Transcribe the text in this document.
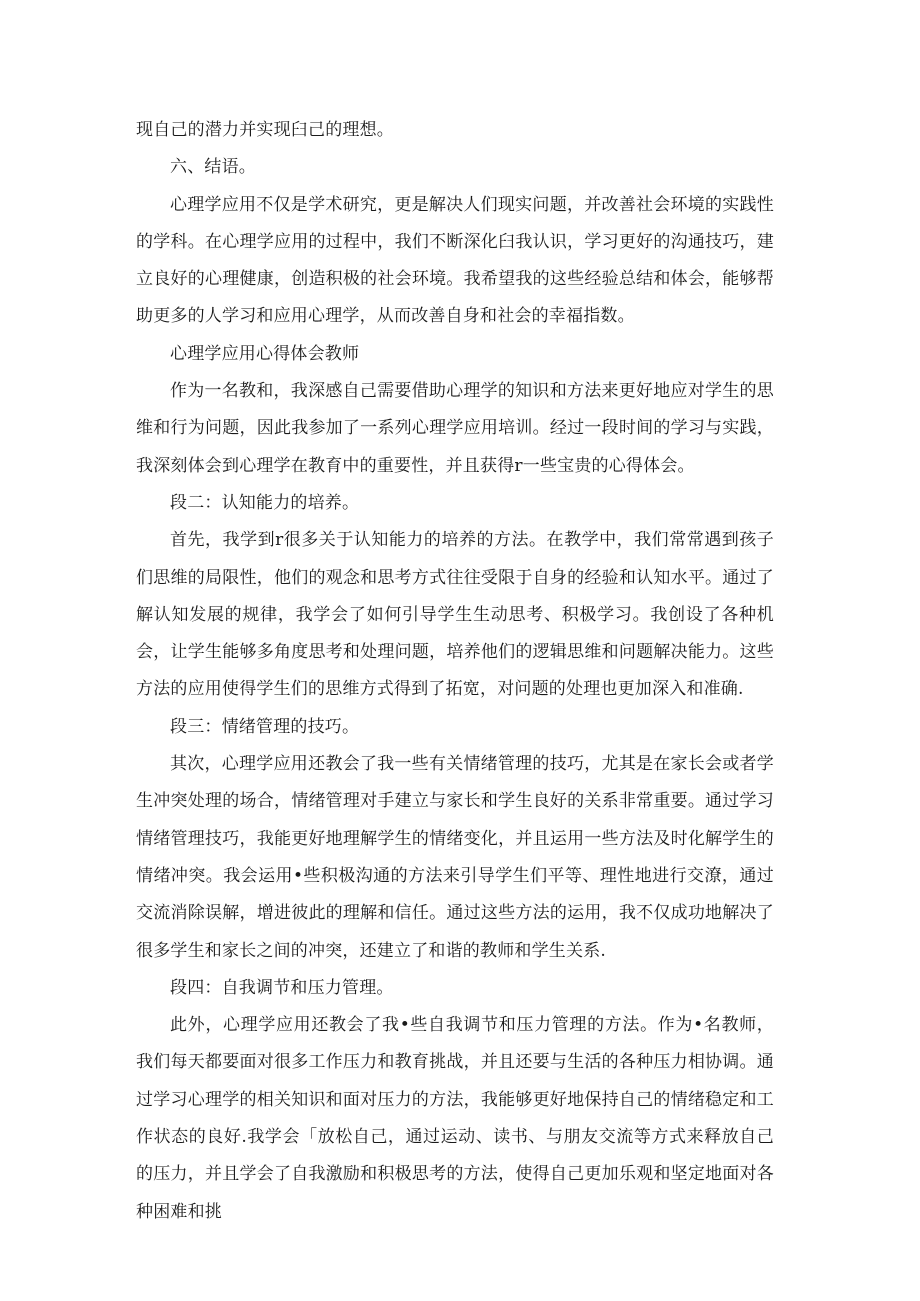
现自己的潜力并实现臼己的理想。

六、结语。

心理学应用不仅是学术研究，更是解决人们现实问题，并改善社会环境的实践性的学科。在心理学应用的过程中，我们不断深化臼我认识，学习更好的沟通技巧，建立良好的心理健康，创造积极的社会环境。我希望我的这些经验总结和体会，能够帮助更多的人学习和应用心理学，从而改善自身和社会的幸福指数。

心理学应用心得体会教师

作为一名教和，我深感自己需要借助心理学的知识和方法来更好地应对学生的思维和行为问题，因此我参加了一系列心理学应用培训。经过一段时间的学习与实践，我深刻体会到心理学在教育中的重要性，并且获得r一些宝贵的心得体会。

段二：认知能力的培养。

首先，我学到r很多关于认知能力的培养的方法。在教学中，我们常常遇到孩子们思维的局限性，他们的观念和思考方式往往受限于自身的经验和认知水平。通过了解认知发展的规律，我学会了如何引导学生生动思考、积极学习。我创设了各种机会，让学生能够多角度思考和处理问题，培养他们的逻辑思维和问题解决能力。这些方法的应用使得学生们的思维方式得到了拓宽，对问题的处理也更加深入和准确.

段三：情绪管理的技巧。

其次，心理学应用还教会了我一些有关情绪管理的技巧，尤其是在家长会或者学生冲突处理的场合，情绪管理对手建立与家长和学生良好的关系非常重要。通过学习情绪管理技巧，我能更好地理解学生的情绪变化，并且运用一些方法及时化解学生的情绪冲突。我会运用•些积极沟通的方法来引导学生们平等、理性地进行交潦，通过交流消除误解，增进彼此的理解和信任。通过这些方法的运用，我不仅成功地解决了很多学生和家长之间的冲突，还建立了和谐的教师和学生关系.

段四：自我调节和压力管理。

此外，心理学应用还教会了我•些自我调节和压力管理的方法。作为•名教师，我们每天都要面对很多工作压力和教育挑战，并且还要与生活的各种压力相协调。通过学习心理学的相关知识和面对压力的方法，我能够更好地保持自己的情绪稳定和工作状态的良好.我学会「放松自己，通过运动、读书、与朋友交流等方式来释放自己的压力，并且学会了自我激励和积极思考的方法，使得自己更加乐观和坚定地面对各种困难和挑
